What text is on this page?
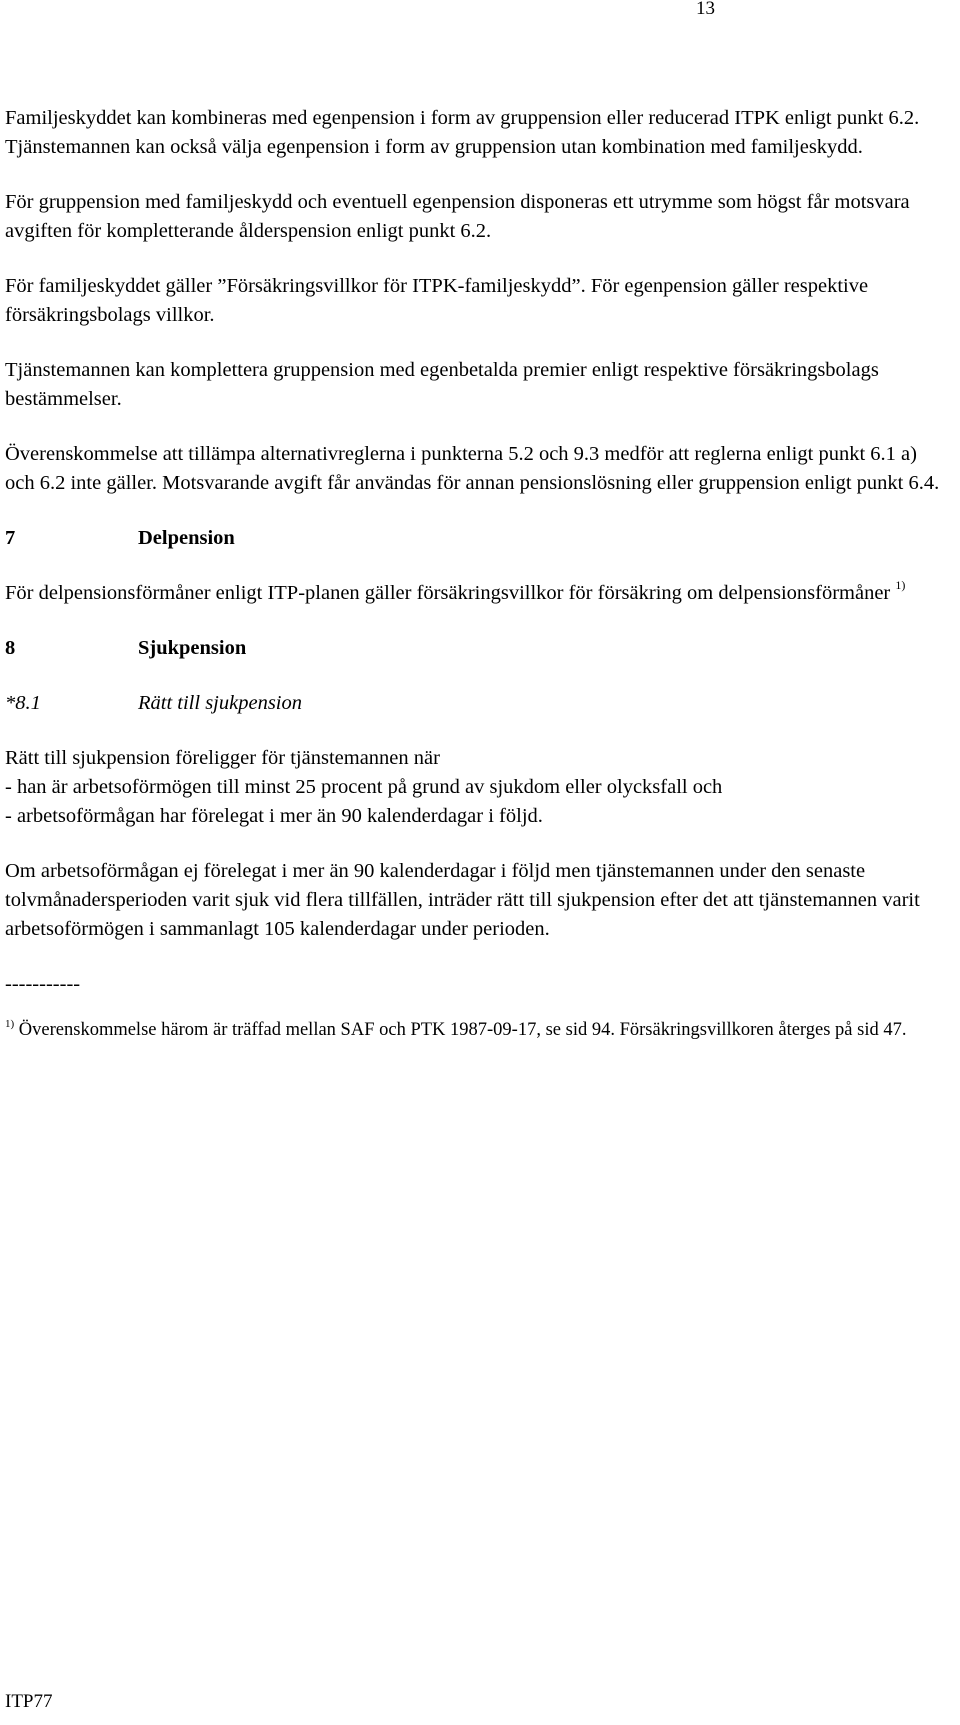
13

Familjeskyddet kan kombineras med egenpension i form av gruppension eller reducerad ITPK enligt punkt 6.2. Tjänstemannen kan också välja egenpension i form av gruppension utan kombination med familjeskydd.

För gruppension med familjeskydd och eventuell egenpension disponeras ett utrymme som högst får motsvara avgiften för kompletterande ålderspension enligt punkt 6.2.

För familjeskyddet gäller ”Försäkringsvillkor för ITPK-familjeskydd”. För egenpension gäller respektive försäkringsbolags villkor.

Tjänstemannen kan komplettera gruppension med egenbetalda premier enligt respektive försäkringsbolags bestämmelser.

Överenskommelse att tillämpa alternativreglerna i punkterna 5.2 och 9.3 medför att reglerna enligt punkt 6.1 a) och 6.2 inte gäller. Motsvarande avgift får användas för annan pensionslösning eller gruppension enligt punkt 6.4.

7	Delpension

För delpensionsförmåner enligt ITP-planen gäller försäkringsvillkor för försäkring om delpensionsförmåner $^{1)}$

8	Sjukpension
*8.1	Rätt till sjukpension

Rätt till sjukpension föreligger för tjänstemannen när

- han är arbetsoförmögen till minst 25 procent på grund av sjukdom eller olycksfall och

- arbetsoförmågan har förelegat i mer än 90 kalenderdagar i följd.

Om arbetsoförmågan ej förelegat i mer än 90 kalenderdagar i följd men tjänstemannen under den senaste tolvmånadersperioden varit sjuk vid flera tillfällen, inträder rätt till sjukpension efter det att tjänstemannen varit arbetsoförmögen i sammanlagt 105 kalenderdagar under perioden.

-----------

$^{1)}$ Överenskommelse härom är träffad mellan SAF och PTK 1987-09-17, se sid 94. Försäkringsvillkoren återges på sid 47.

ITP77
